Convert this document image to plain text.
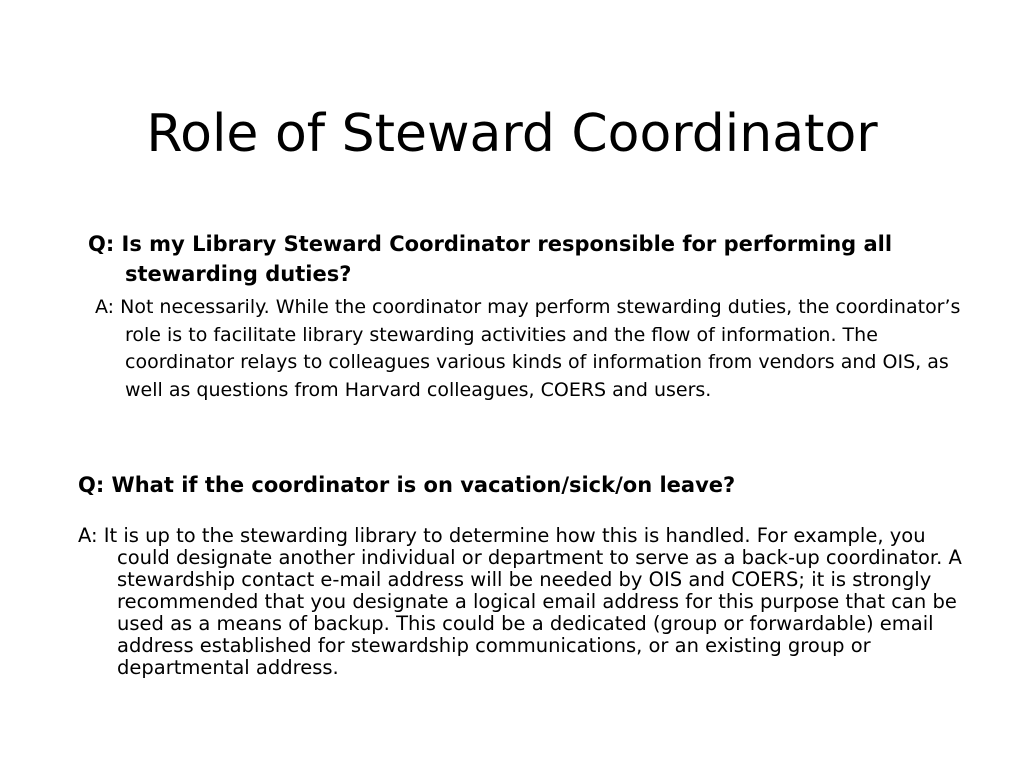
Role of Steward Coordinator

Q: Is my Library Steward Coordinator responsible for performing all stewarding duties?

A: Not necessarily. While the coordinator may perform stewarding duties, the coordinator’s role is to facilitate library stewarding activities and the flow of information. The coordinator relays to colleagues various kinds of information from vendors and OIS, as well as questions from Harvard colleagues, COERS and users.

Q: What if the coordinator is on vacation/sick/on leave?

A: It is up to the stewarding library to determine how this is handled. For example, you could designate another individual or department to serve as a back-up coordinator. A stewardship contact e-mail address will be needed by OIS and COERS; it is strongly recommended that you designate a logical email address for this purpose that can be used as a means of backup. This could be a dedicated (group or forwardable) email address established for stewardship communications, or an existing group or departmental address.
